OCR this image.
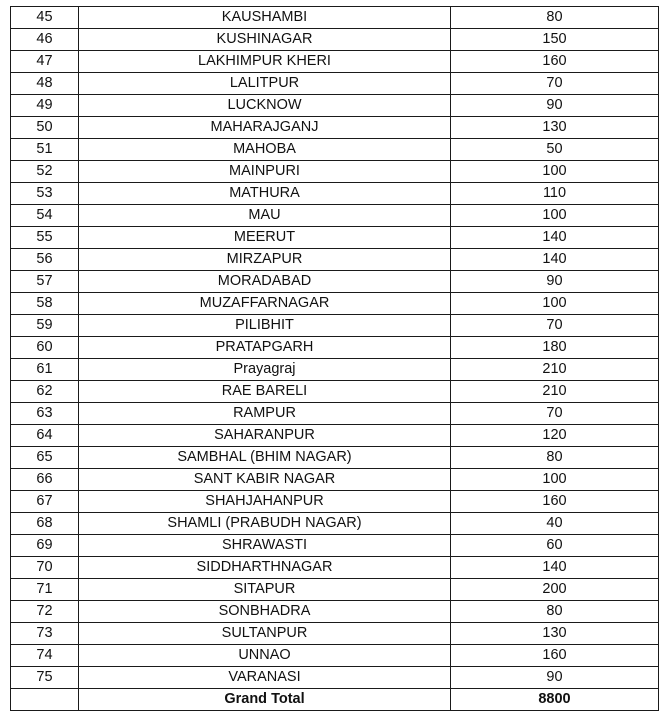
45	KAUSHAMBI	80
46	KUSHINAGAR	150
47	LAKHIMPUR KHERI	160
48	LALITPUR	70
49	LUCKNOW	90
50	MAHARAJGANJ	130
51	MAHOBA	50
52	MAINPURI	100
53	MATHURA	110
54	MAU	100
55	MEERUT	140
56	MIRZAPUR	140
57	MORADABAD	90
58	MUZAFFARNAGAR	100
59	PILIBHIT	70
60	PRATAPGARH	180
61	Prayagraj	210
62	RAE BARELI	210
63	RAMPUR	70
64	SAHARANPUR	120
65	SAMBHAL (BHIM NAGAR)	80
66	SANT KABIR NAGAR	100
67	SHAHJAHANPUR	160
68	SHAMLI (PRABUDH NAGAR)	40
69	SHRAWASTI	60
70	SIDDHARTHNAGAR	140
71	SITAPUR	200
72	SONBHADRA	80
73	SULTANPUR	130
74	UNNAO	160
75	VARANASI	90
	Grand Total	8800
